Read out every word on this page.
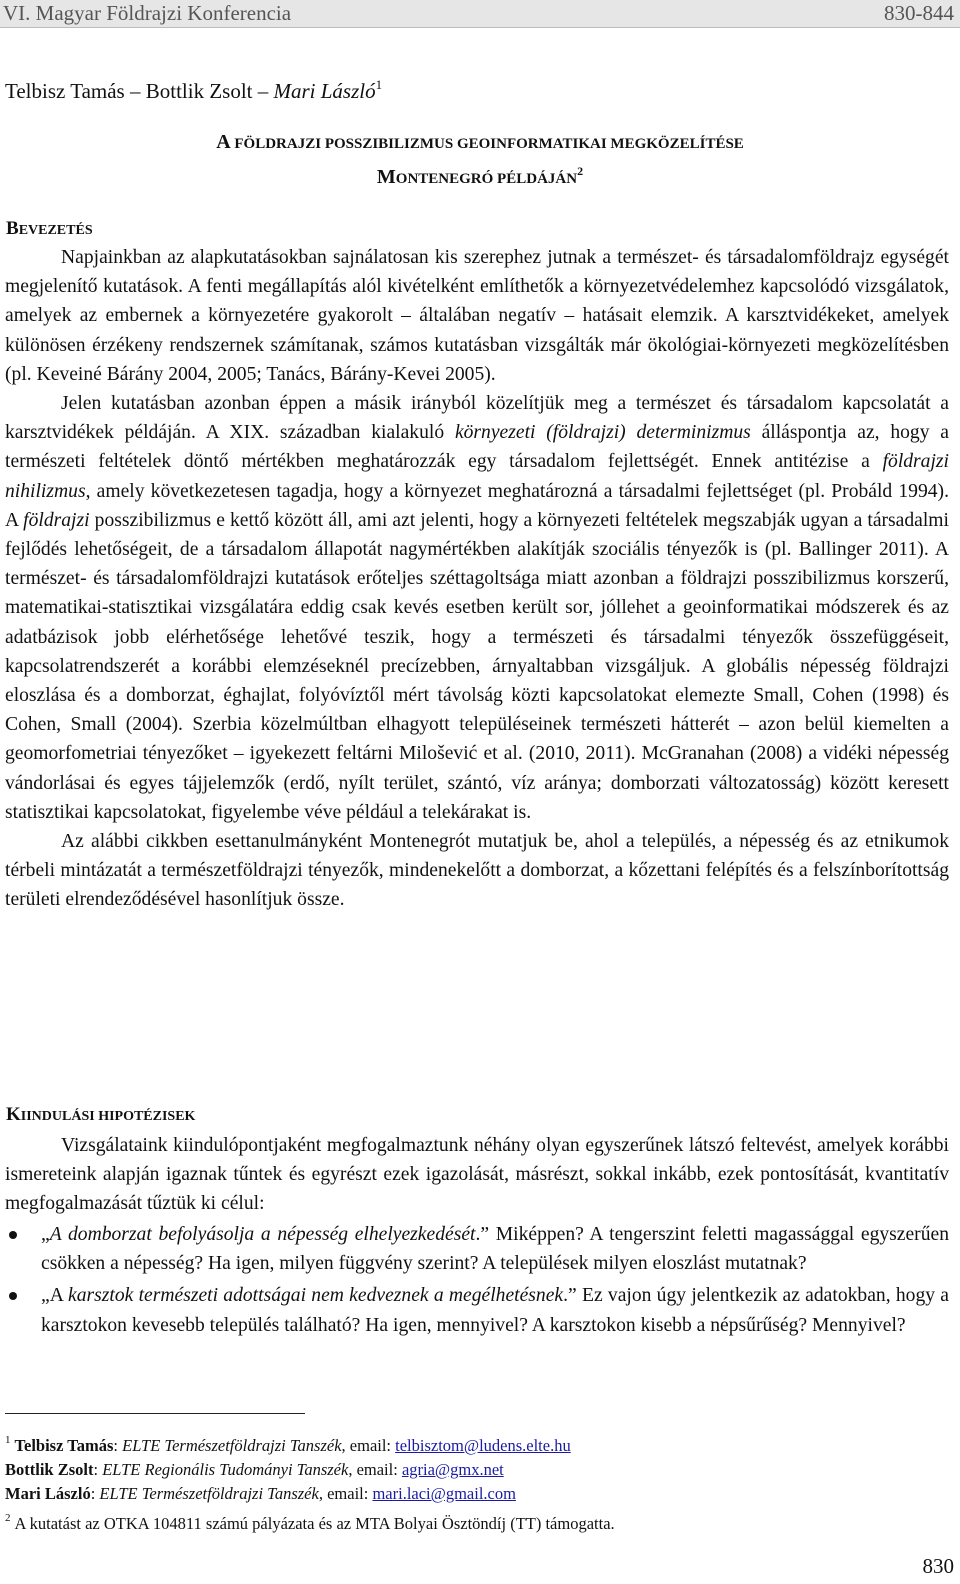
VI. Magyar Földrajzi Konferencia	830-844
Telbisz Tamás – Bottlik Zsolt – Mari László$^1$
A FÖLDRAJZI POSSZIBILIZMUS GEOINFORMATIKAI MEGKÖZELÍTÉSE
MONTENEGRÓ PÉLDÁJÁN$^2$
BEVEZETÉS

Napjainkban az alapkutatásokban sajnálatosan kis szerephez jutnak a természet- és társadalomföldrajz egységét megjelenítő kutatások. A fenti megállapítás alól kivételként említhetők a környezetvédelemhez kapcsolódó vizsgálatok, amelyek az embernek a környezetére gyakorolt – általában negatív – hatásait elemzik. A karsztvidékeket, amelyek különösen érzékeny rendszernek számítanak, számos kutatásban vizsgálták már ökológiai-környezeti megközelítésben (pl. Keveiné Bárány 2004, 2005; Tanács, Bárány-Kevei 2005).

Jelen kutatásban azonban éppen a másik irányból közelítjük meg a természet és társadalom kapcsolatát a karsztvidékek példáján. A XIX. században kialakuló környezeti (földrajzi) determinizmus álláspontja az, hogy a természeti feltételek döntő mértékben meghatározzák egy társadalom fejlettségét. Ennek antitézise a földrajzi nihilizmus, amely következetesen tagadja, hogy a környezet meghatározná a társadalmi fejlettséget (pl. Probáld 1994). A földrajzi posszibilizmus e kettő között áll, ami azt jelenti, hogy a környezeti feltételek megszabják ugyan a társadalmi fejlődés lehetőségeit, de a társadalom állapotát nagymértékben alakítják szociális tényezők is (pl. Ballinger 2011). A természet- és társadalomföldrajzi kutatások erőteljes széttagoltsága miatt azonban a földrajzi posszibilizmus korszerű, matematikai-statisztikai vizsgálatára eddig csak kevés esetben került sor, jóllehet a geoinformatikai módszerek és az adatbázisok jobb elérhetősége lehetővé teszik, hogy a természeti és társadalmi tényezők összefüggéseit, kapcsolatrendszerét a korábbi elemzéseknél precízebben, árnyaltabban vizsgáljuk. A globális népesség földrajzi eloszlása és a domborzat, éghajlat, folyóvíztől mért távolság közti kapcsolatokat elemezte Small, Cohen (1998) és Cohen, Small (2004). Szerbia közelmúltban elhagyott településeinek természeti hátterét – azon belül kiemelten a geomorfometriai tényezőket – igyekezett feltárni Milošević et al. (2010, 2011). McGranahan (2008) a vidéki népesség vándorlásai és egyes tájjelemzők (erdő, nyílt terület, szántó, víz aránya; domborzati változatosság) között keresett statisztikai kapcsolatokat, figyelembe véve például a telekárakat is.

Az alábbi cikkben esettanulmányként Montenegrót mutatjuk be, ahol a település, a népesség és az etnikumok térbeli mintázatát a természetföldrajzi tényezők, mindenekelőtt a domborzat, a kőzettani felépítés és a felszínborítottság területi elrendeződésével hasonlítjuk össze.

KIINDULÁSI HIPOTÉZISEK

Vizsgálataink kiindulópontjaként megfogalmaztunk néhány olyan egyszerűnek látszó feltevést, amelyek korábbi ismereteink alapján igaznak tűntek és egyrészt ezek igazolását, másrészt, sokkal inkább, ezek pontosítását, kvantitatív megfogalmazását tűztük ki célul:

„A domborzat befolyásolja a népesség elhelyezkedését.” Miképpen? A tengerszint feletti magassággal egyszerűen csökken a népesség? Ha igen, milyen függvény szerint? A települések milyen eloszlást mutatnak?
„A karsztok természeti adottságai nem kedveznek a megélhetésnek.” Ez vajon úgy jelentkezik az adatokban, hogy a karsztokon kevesebb település található? Ha igen, mennyivel? A karsztokon kisebb a népsűrűség? Mennyivel?

$^1$ Telbisz Tamás: ELTE Természetföldrajzi Tanszék, email: telbisztom@ludens.elte.hu

Bottlik Zsolt: ELTE Regionális Tudományi Tanszék, email: agria@gmx.net

Mari László: ELTE Természetföldrajzi Tanszék, email: mari.laci@gmail.com

$^2$ A kutatást az OTKA 104811 számú pályázata és az MTA Bolyai Ösztöndíj (TT) támogatta.

830
